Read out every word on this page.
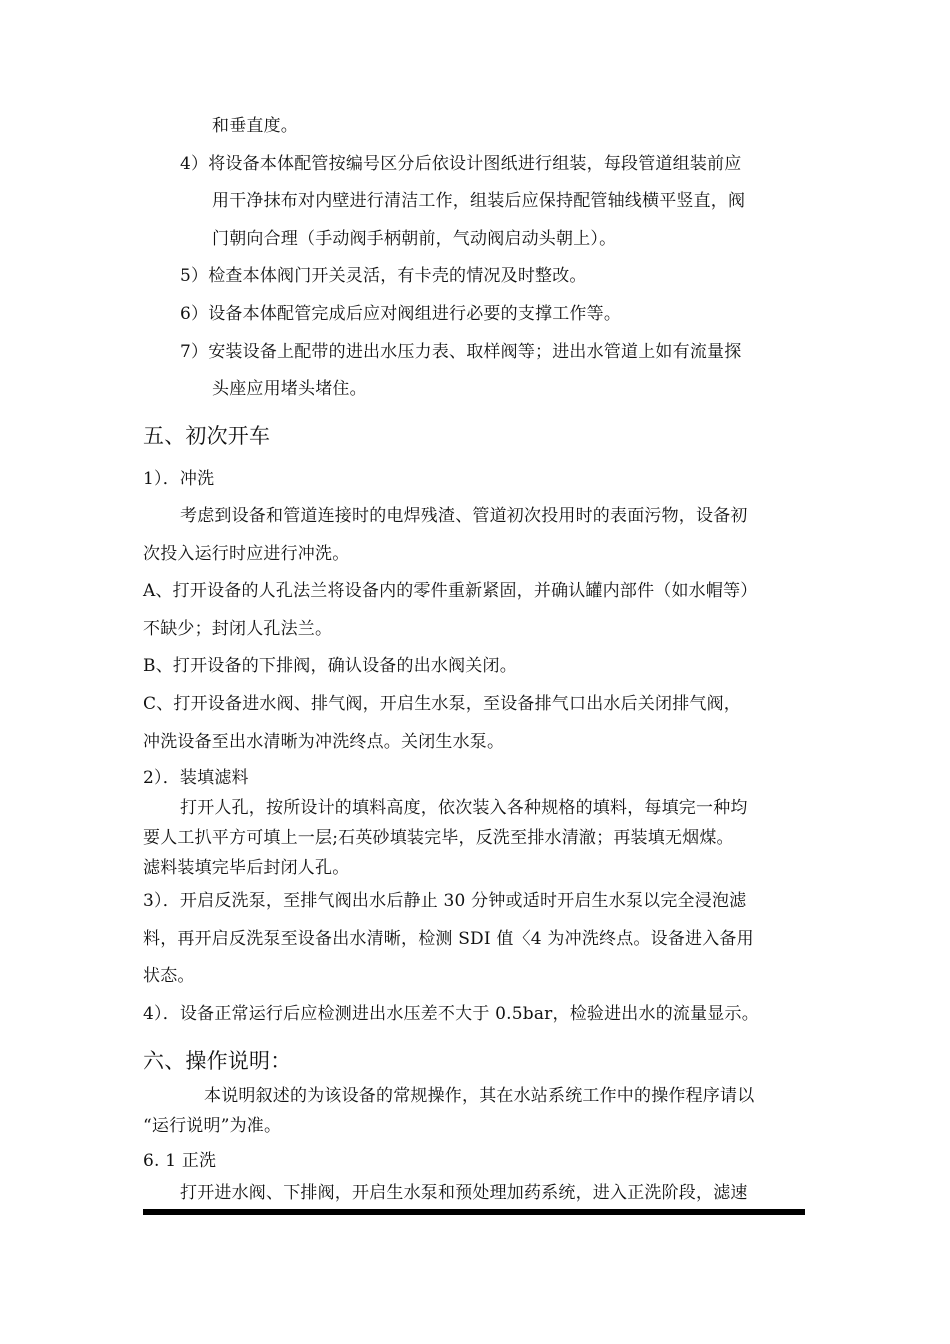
和垂直度。
4）将设备本体配管按编号区分后依设计图纸进行组装，每段管道组装前应
用干净抹布对内壁进行清洁工作，组装后应保持配管轴线横平竖直，阀
门朝向合理（手动阀手柄朝前，气动阀启动头朝上）。
5）检查本体阀门开关灵活，有卡壳的情况及时整改。
6）设备本体配管完成后应对阀组进行必要的支撑工作等。
7）安装设备上配带的进出水压力表、取样阀等；进出水管道上如有流量探
头座应用堵头堵住。
五、初次开车
1）．冲洗
考虑到设备和管道连接时的电焊残渣、管道初次投用时的表面污物，设备初
次投入运行时应进行冲洗。
A、打开设备的人孔法兰将设备内的零件重新紧固，并确认罐内部件（如水帽等）
不缺少；封闭人孔法兰。
B、打开设备的下排阀，确认设备的出水阀关闭。
C、打开设备进水阀、排气阀，开启生水泵，至设备排气口出水后关闭排气阀，
冲洗设备至出水清晰为冲洗终点。关闭生水泵。
2）．装填滤料
打开人孔，按所设计的填料高度，依次装入各种规格的填料，每填完一种均
要人工扒平方可填上一层;石英砂填装完毕，反洗至排水清澈；再装填无烟煤。
滤料装填完毕后封闭人孔。
3）．开启反洗泵，至排气阀出水后静止 30 分钟或适时开启生水泵以完全浸泡滤
料，再开启反洗泵至设备出水清晰，检测 SDI 值〈4 为冲洗终点。设备进入备用
状态。
4）．设备正常运行后应检测进出水压差不大于 0.5bar，检验进出水的流量显示。
六、操作说明：
本说明叙述的为该设备的常规操作，其在水站系统工作中的操作程序请以
“运行说明”为准。
6. 1 正洗
打开进水阀、下排阀，开启生水泵和预处理加药系统，进入正洗阶段，滤速
